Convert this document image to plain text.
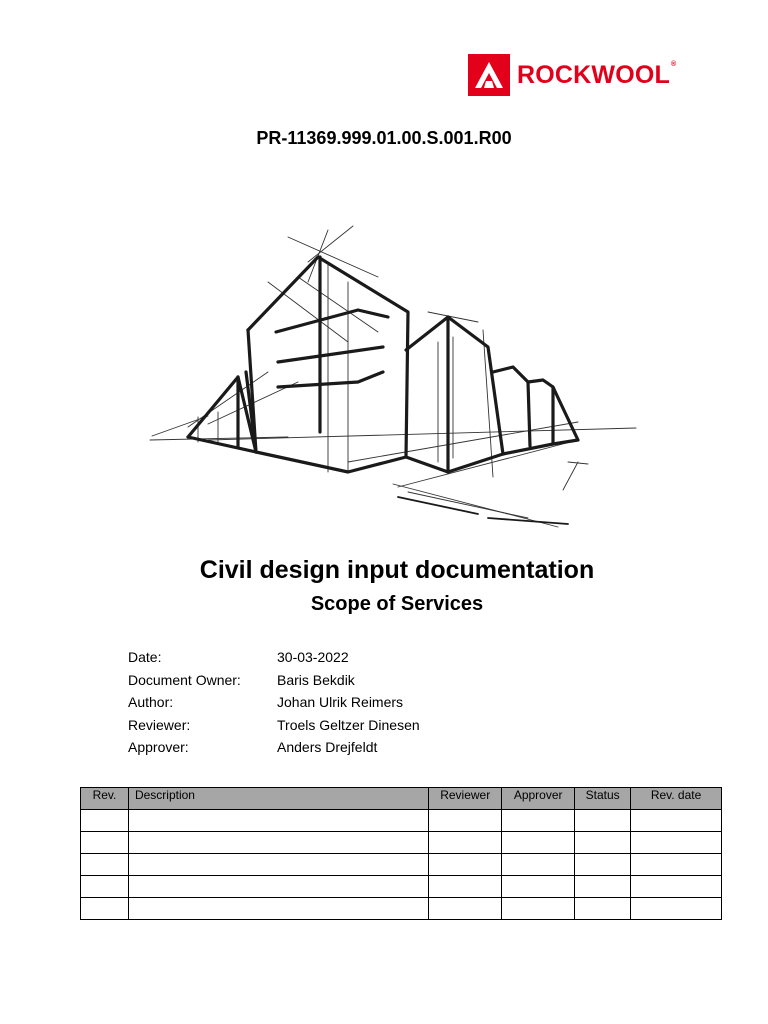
ROCKWOOL®
PR-11369.999.01.00.S.001.R00
Civil design input documentation
Scope of Services
Date:	30-03-2022
Document Owner:	Baris Bekdik
Author:	Johan Ulrik Reimers
Reviewer:	Troels Geltzer Dinesen
Approver:	Anders Drejfeldt
Rev.	Description	Reviewer	Approver	Status	Rev. date
